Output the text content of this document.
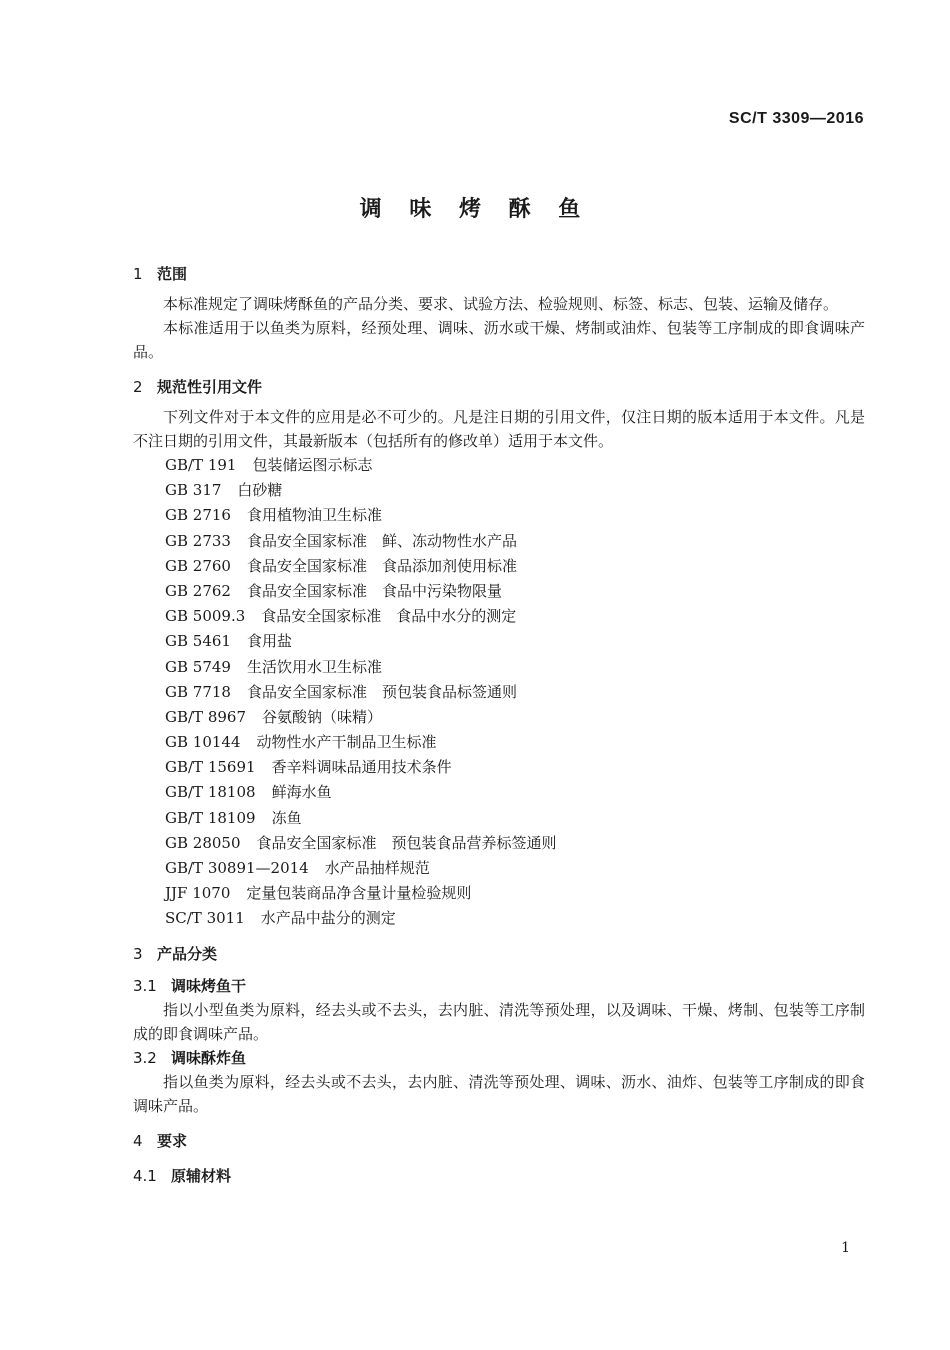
SC/T 3309—2016
调 味 烤 酥 鱼
1 范围

本标准规定了调味烤酥鱼的产品分类、要求、试验方法、检验规则、标签、标志、包装、运输及储存。

本标准适用于以鱼类为原料，经预处理、调味、沥水或干燥、烤制或油炸、包装等工序制成的即食调味产品。

2 规范性引用文件

下列文件对于本文件的应用是必不可少的。凡是注日期的引用文件，仅注日期的版本适用于本文件。凡是不注日期的引用文件，其最新版本（包括所有的修改单）适用于本文件。

GB/T 191 包装储运图示标志
GB 317 白砂糖
GB 2716 食用植物油卫生标准
GB 2733 食品安全国家标准　鲜、冻动物性水产品
GB 2760 食品安全国家标准　食品添加剂使用标准
GB 2762 食品安全国家标准　食品中污染物限量
GB 5009.3 食品安全国家标准　食品中水分的测定
GB 5461 食用盐
GB 5749 生活饮用水卫生标准
GB 7718 食品安全国家标准　预包装食品标签通则
GB/T 8967 谷氨酸钠（味精）
GB 10144 动物性水产干制品卫生标准
GB/T 15691 香辛料调味品通用技术条件
GB/T 18108 鲜海水鱼
GB/T 18109 冻鱼
GB 28050 食品安全国家标准　预包装食品营养标签通则
GB/T 30891—2014 水产品抽样规范
JJF 1070 定量包装商品净含量计量检验规则
SC/T 3011 水产品中盐分的测定
3 产品分类
3.1 调味烤鱼干

指以小型鱼类为原料，经去头或不去头，去内脏、清洗等预处理，以及调味、干燥、烤制、包装等工序制成的即食调味产品。

3.2 调味酥炸鱼

指以鱼类为原料，经去头或不去头，去内脏、清洗等预处理、调味、沥水、油炸、包装等工序制成的即食调味产品。

4 要求
4.1 原辅材料
1
